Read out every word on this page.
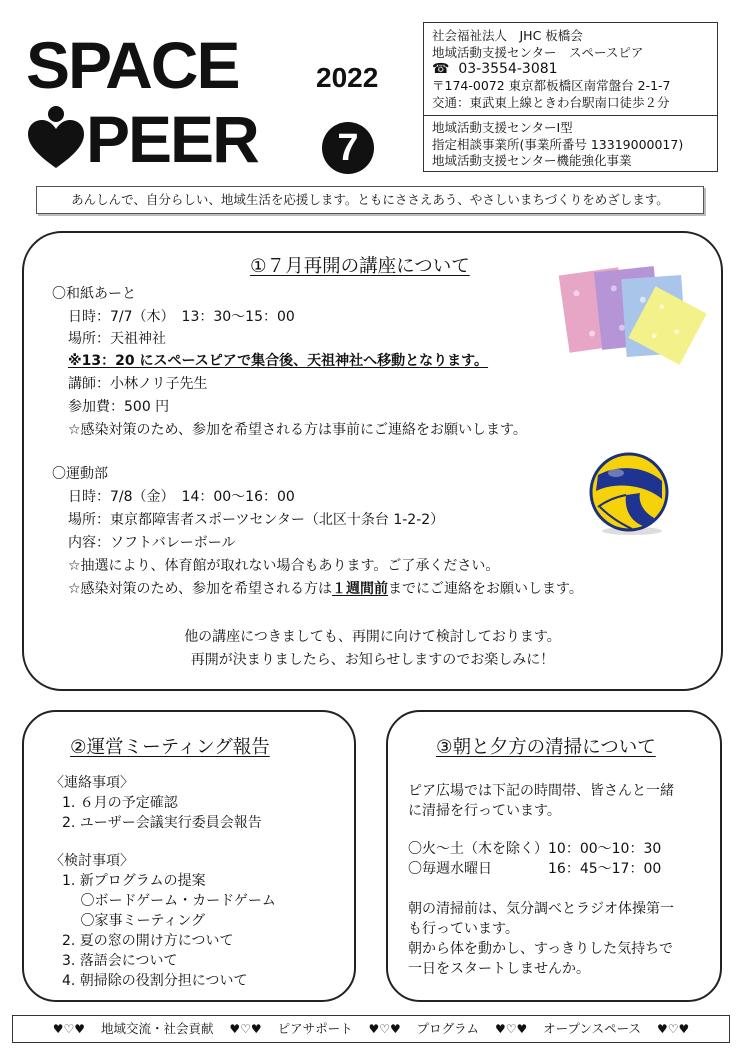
SPACE	2022
PEER	7
社会福祉法人　JHC 板橋会
地域活動支援センター　スペースピア
☎ 03-3554-3081
〒174-0072 東京都板橋区南常盤台 2-1-7
交通：東武東上線ときわ台駅南口徒歩２分
地域活動支援センターⅠ型
指定相談事業所(事業所番号 13319000017)
地域活動支援センター機能強化事業
あんしんで、自分らしい、地域生活を応援します。ともにささえあう、やさしいまちづくりをめざします。
①７月再開の講座について
〇和紙あーと
日時：7/7（木）　13：30〜15：00
場所：天祖神社
※13：20 にスペースピアで集合後、天祖神社へ移動となります。
講師：小林ノリ子先生
参加費：500 円
☆感染対策のため、参加を希望される方は事前にご連絡をお願いします。
〇運動部
日時：7/8（金）　14：00〜16：00
場所：東京都障害者スポーツセンター（北区十条台 1-2-2）
内容：ソフトバレーボール
☆抽選により、体育館が取れない場合もあります。ご了承ください。
☆感染対策のため、参加を希望される方は１週間前までにご連絡をお願いします。
他の講座につきましても、再開に向けて検討しております。
再開が決まりましたら、お知らせしますのでお楽しみに！
②運営ミーティング報告
〈連絡事項〉
1. ６月の予定確認
2. ユーザー会議実行委員会報告
〈検討事項〉
1. 新プログラムの提案
　 〇ボードゲーム・カードゲーム
　 〇家事ミーティング
2. 夏の窓の開け方について
3. 落語会について
4. 朝掃除の役割分担について
③朝と夕方の清掃について
ピア広場では下記の時間帯、皆さんと一緒
に清掃を行っています。
〇火〜土（木を除く）10：00〜10：30
〇毎週水曜日　　　　16：45〜17：00
朝の清掃前は、気分調べとラジオ体操第一
も行っています。
朝から体を動かし、すっきりした気持ちで
一日をスタートしませんか。
♥♡♥ 地域交流・社会貢献 ♥♡♥ ピアサポート ♥♡♥ プログラム ♥♡♥ オープンスペース ♥♡♥
